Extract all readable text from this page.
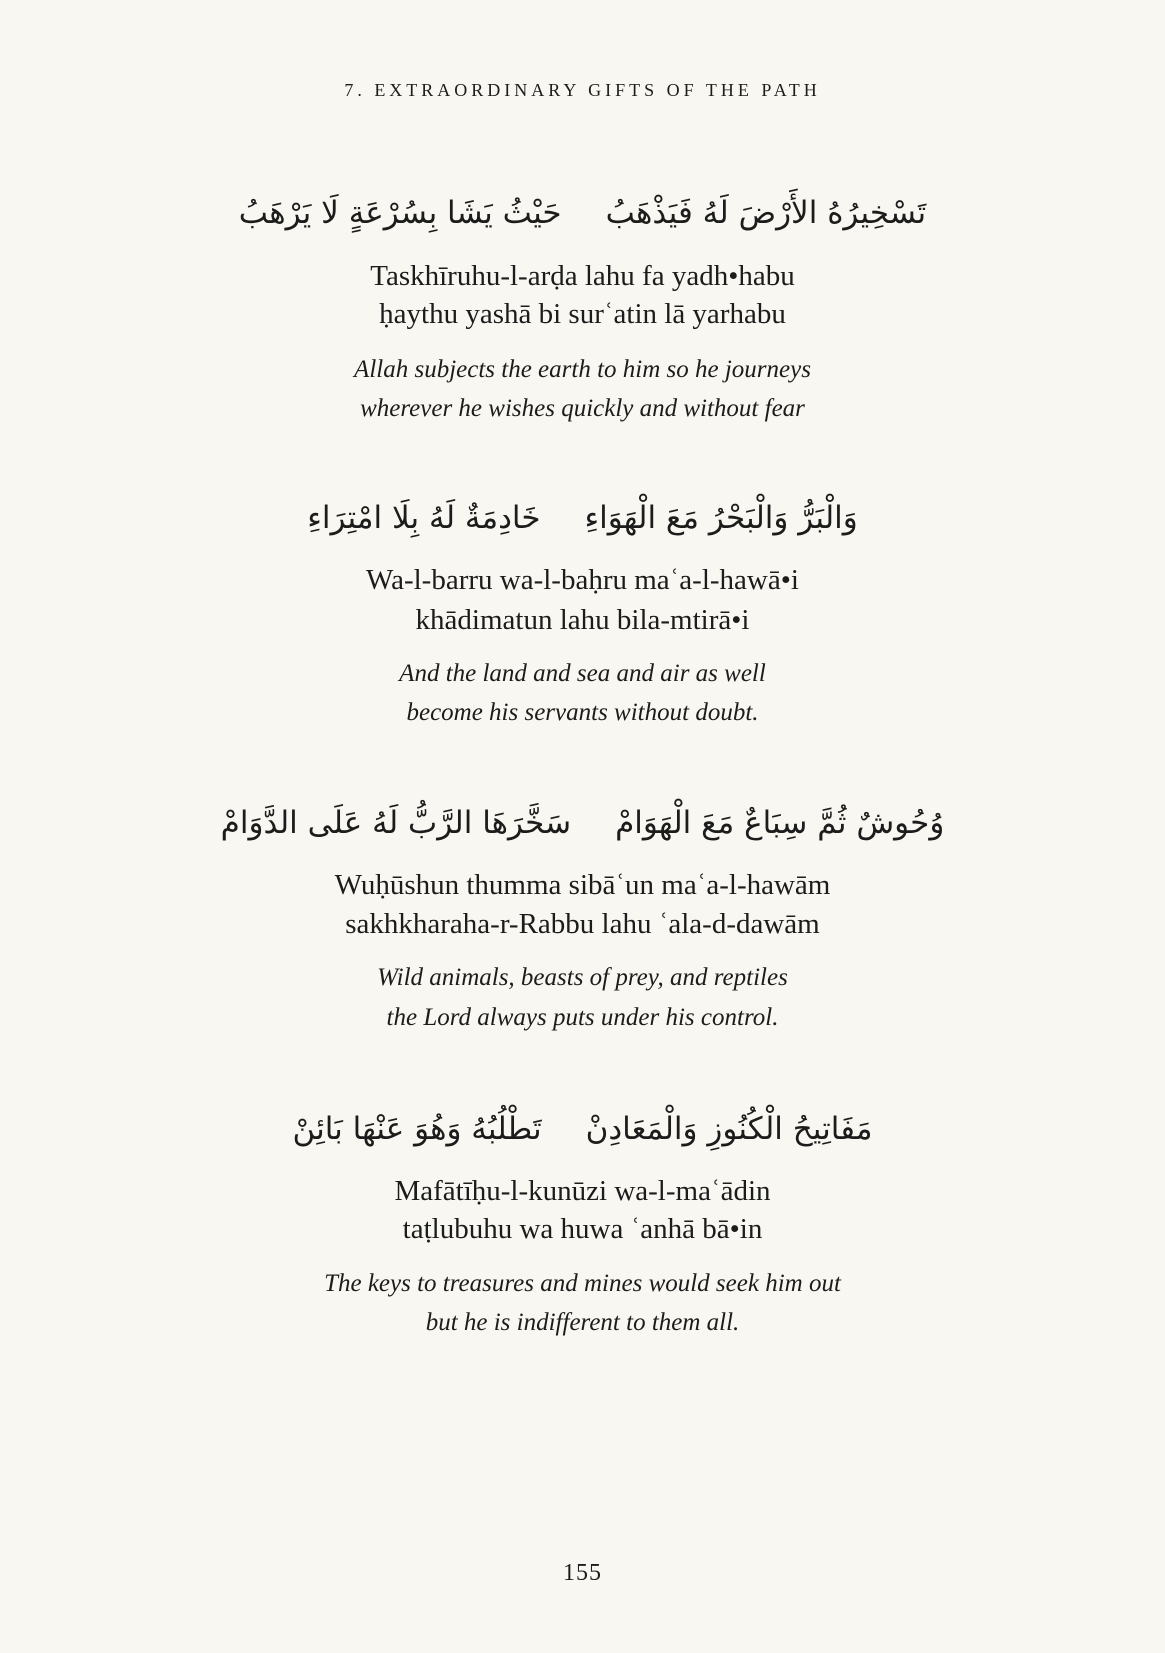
7. EXTRAORDINARY GIFTS OF THE PATH
تَسْخِيرُهُ الأَرْضَ لَهُ فَيَذْهَبُحَيْثُ يَشَا بِسُرْعَةٍ لَا يَرْهَبُ
Taskhīruhu-l-arḍa lahu fa yadh•habu
ḥaythu yashā bi surʿatin lā yarhabu
Allah subjects the earth to him so he journeys
wherever he wishes quickly and without fear
وَالْبَرُّ وَالْبَحْرُ مَعَ الْهَوَاءِخَادِمَةٌ لَهُ بِلَا امْتِرَاءِ
Wa-l-barru wa-l-baḥru maʿa-l-hawā•i
khādimatun lahu bila-mtirā•i
And the land and sea and air as well
become his servants without doubt.
وُحُوشٌ ثُمَّ سِبَاعٌ مَعَ الْهَوَامْسَخَّرَهَا الرَّبُّ لَهُ عَلَى الدَّوَامْ
Wuḥūshun thumma sibāʿun maʿa-l-hawām
sakhkharaha-r-Rabbu lahu ʿala-d-dawām
Wild animals, beasts of prey, and reptiles
the Lord always puts under his control.
مَفَاتِيحُ الْكُنُوزِ وَالْمَعَادِنْتَطْلُبُهُ وَهُوَ عَنْهَا بَائِنْ
Mafātīḥu-l-kunūzi wa-l-maʿādin
taṭlubuhu wa huwa ʿanhā bā•in
The keys to treasures and mines would seek him out
but he is indifferent to them all.
155
